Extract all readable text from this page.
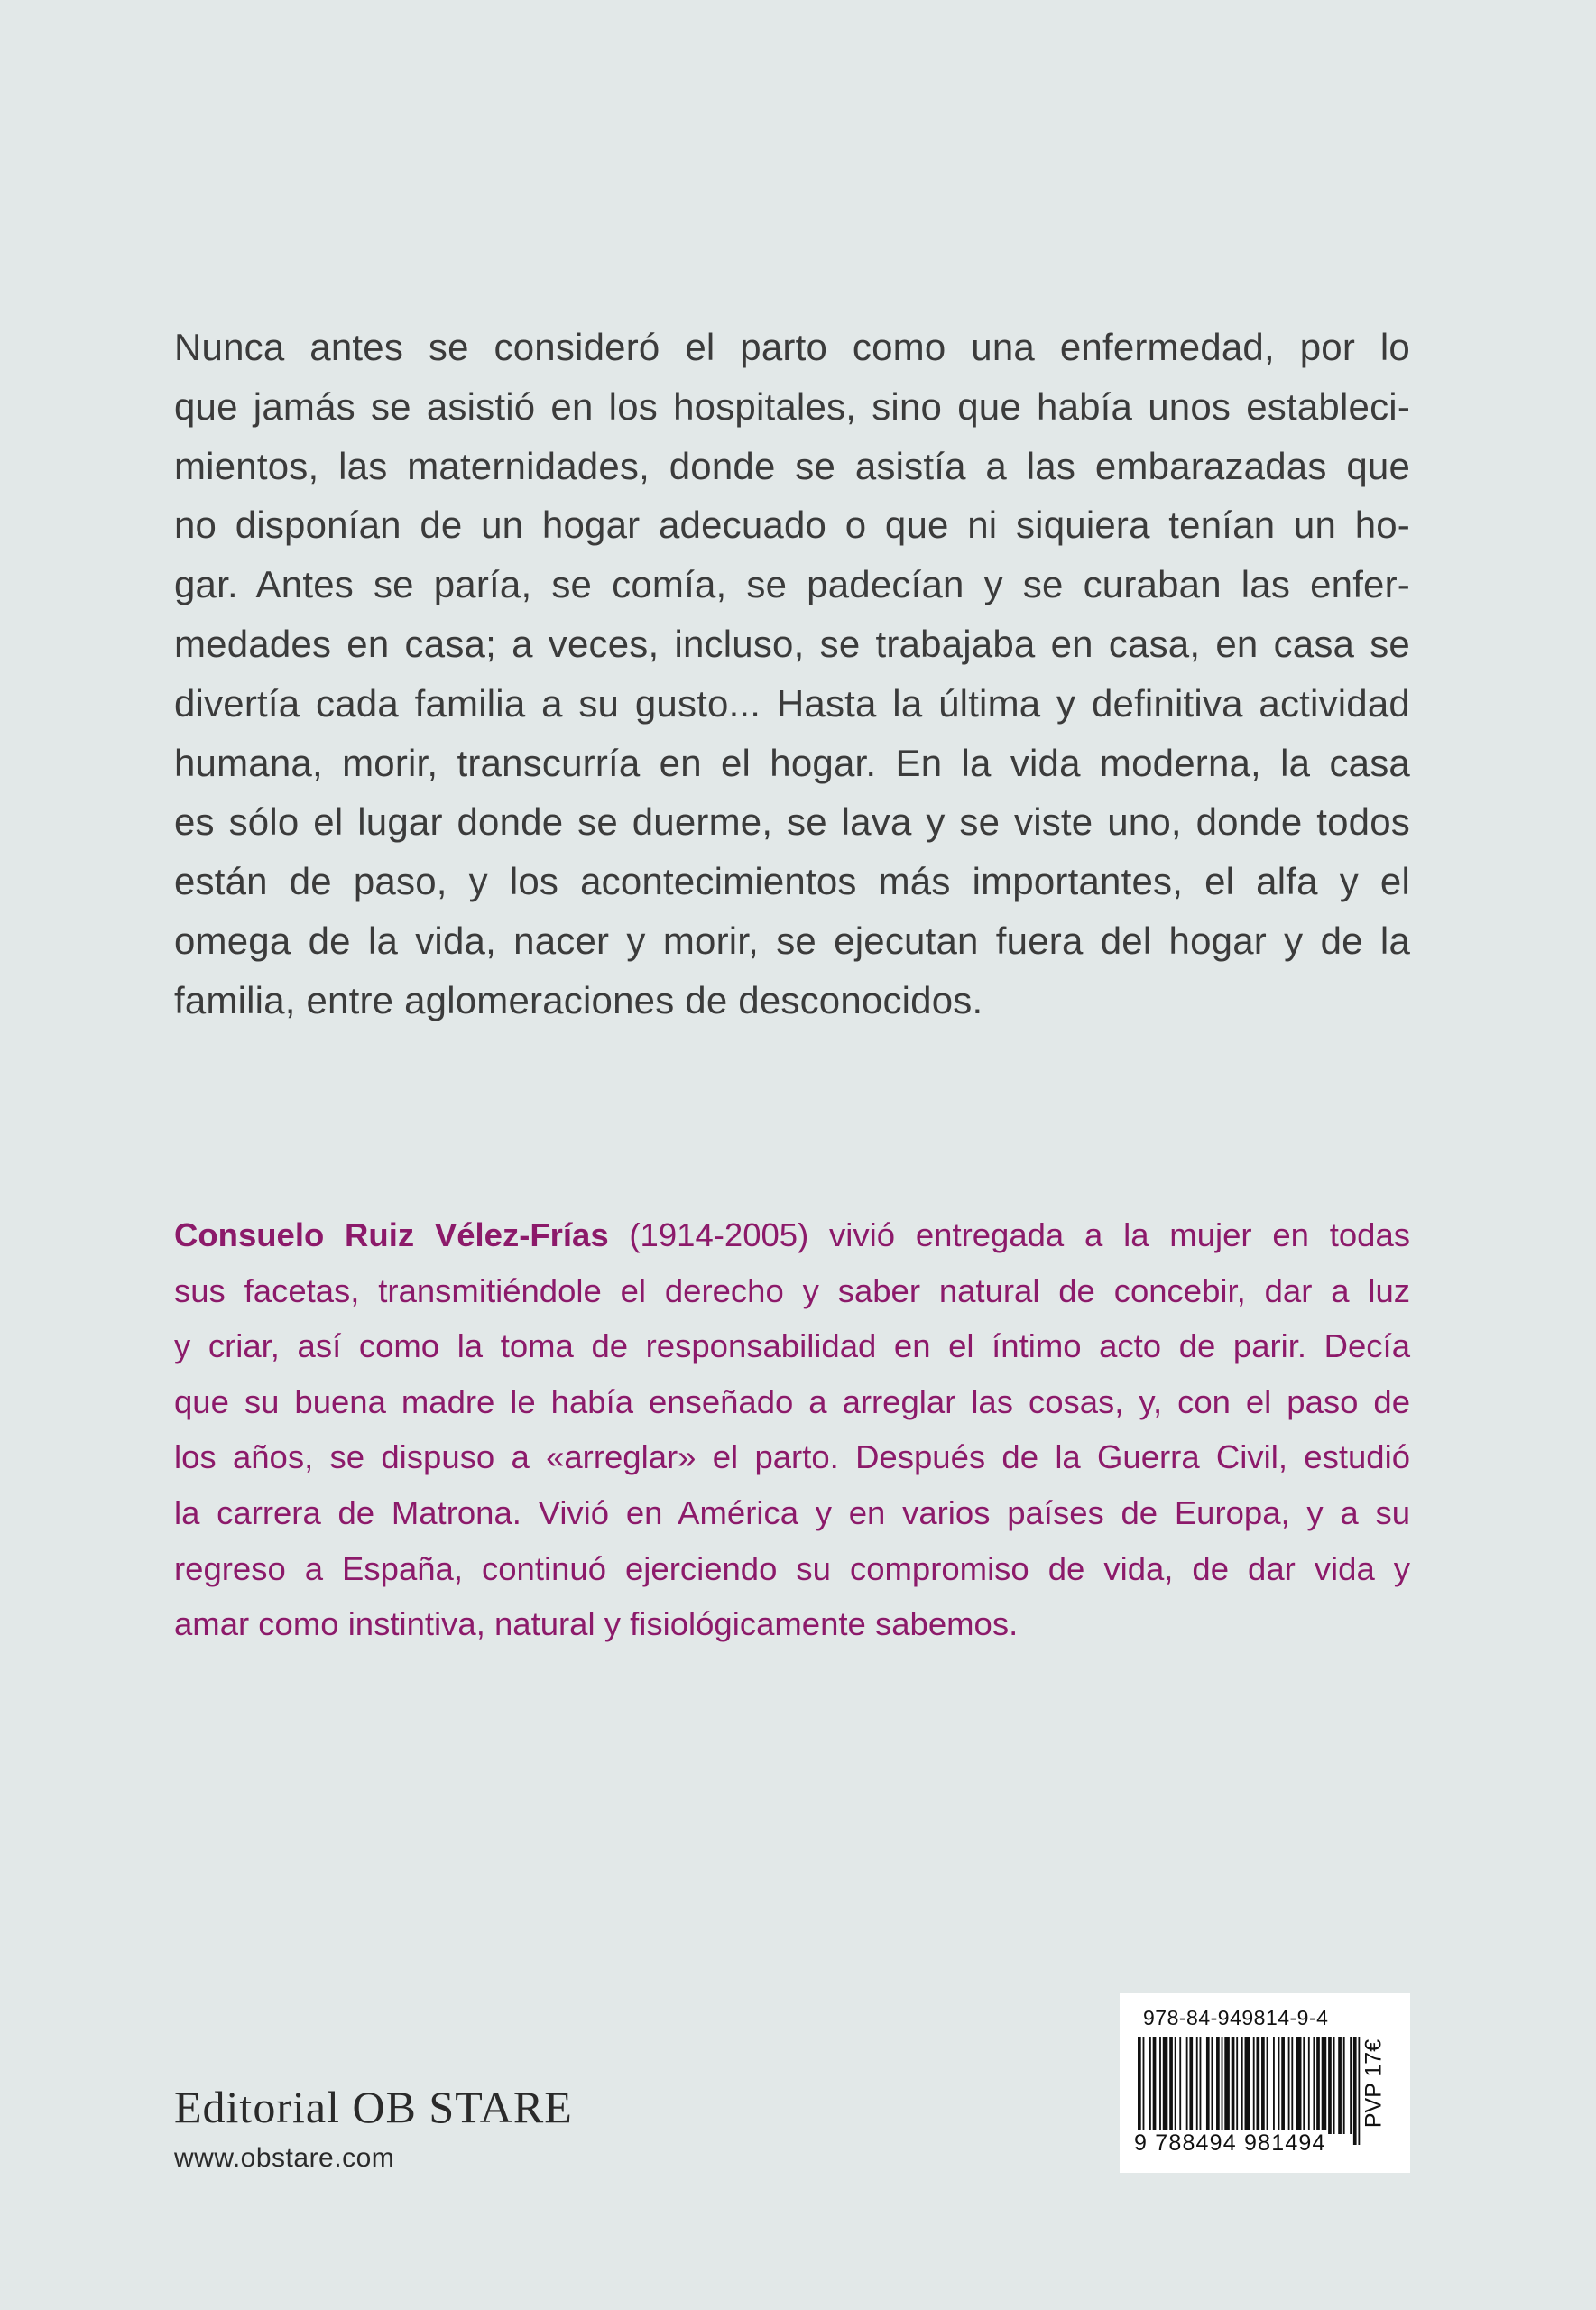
Nunca antes se consideró el parto como una enfermedad, por lo
que jamás se asistió en los hospitales, sino que había unos estableci-
mientos, las maternidades, donde se asistía a las embarazadas que
no disponían de un hogar adecuado o que ni siquiera tenían un ho-
gar. Antes se paría, se comía, se padecían y se curaban las enfer-
medades en casa; a veces, incluso, se trabajaba en casa, en casa se
divertía cada familia a su gusto... Hasta la última y definitiva actividad
humana, morir, transcurría en el hogar. En la vida moderna, la casa
es sólo el lugar donde se duerme, se lava y se viste uno, donde todos
están de paso, y los acontecimientos más importantes, el alfa y el
omega de la vida, nacer y morir, se ejecutan fuera del hogar y de la
familia, entre aglomeraciones de desconocidos.
Consuelo Ruiz Vélez-Frías (1914-2005) vivió entregada a la mujer en todas
sus facetas, transmitiéndole el derecho y saber natural de concebir, dar a luz
y criar, así como la toma de responsabilidad en el íntimo acto de parir. Decía
que su buena madre le había enseñado a arreglar las cosas, y, con el paso de
los años, se dispuso a «arreglar» el parto. Después de la Guerra Civil, estudió
la carrera de Matrona. Vivió en América y en varios países de Europa, y a su
regreso a España, continuó ejerciendo su compromiso de vida, de dar vida y
amar como instintiva, natural y fisiológicamente sabemos.

Editorial OB STARE

www.obstare.com

978-84-949814-9-4
9 788494 981494
PVP 17€
